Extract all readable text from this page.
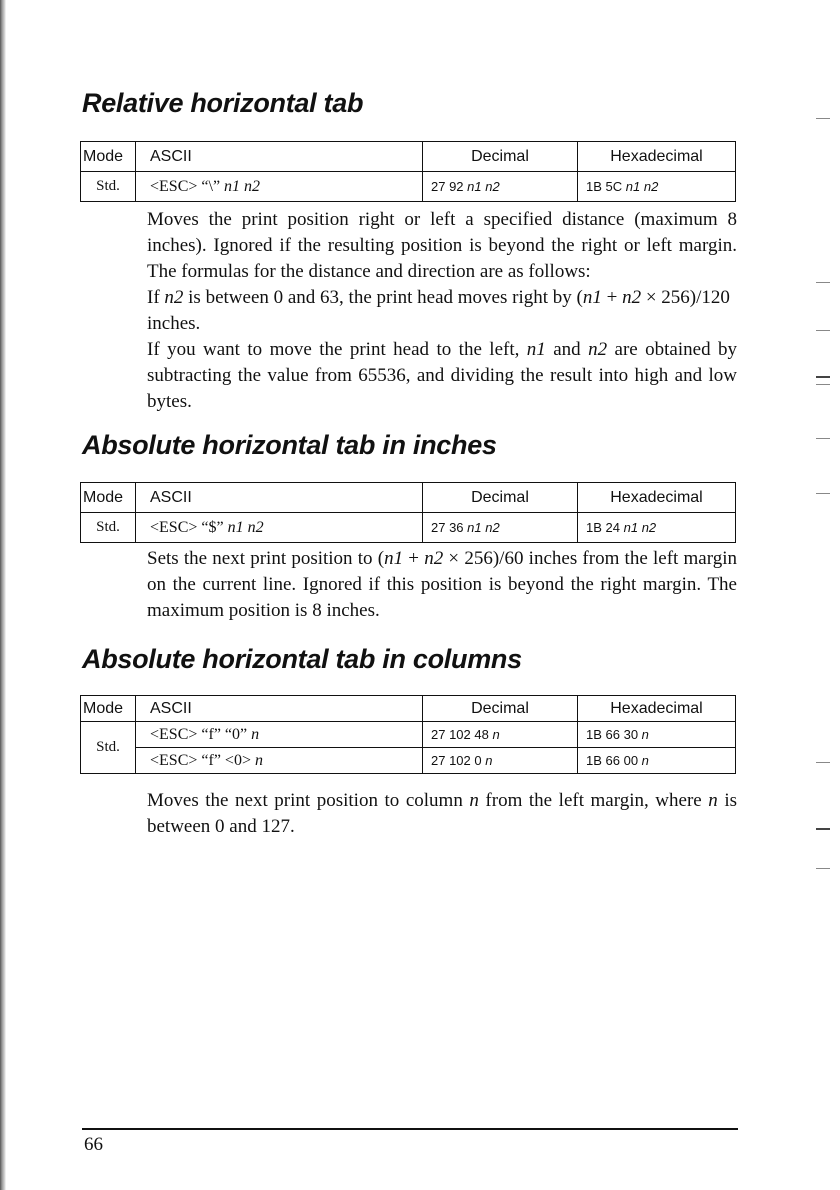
Relative horizontal tab
Mode	ASCII	Decimal	Hexadecimal
Std.	<ESC> “\” n1 n2	27 92 n1 n2	1B 5C n1 n2

Moves the print position right or left a specified distance (maximum 8 inches). Ignored if the resulting position is beyond the right or left margin. The formulas for the distance and direction are as follows:

If n2 is between 0 and 63, the print head moves right by (n1 + n2 × 256)/120 inches.

If you want to move the print head to the left, n1 and n2 are obtained by subtracting the value from 65536, and dividing the result into high and low bytes.

Absolute horizontal tab in inches
Mode	ASCII	Decimal	Hexadecimal
Std.	<ESC> “$” n1 n2	27 36 n1 n2	1B 24 n1 n2

Sets the next print position to (n1 + n2 × 256)/60 inches from the left margin on the current line. Ignored if this position is beyond the right margin. The maximum position is 8 inches.

Absolute horizontal tab in columns
Mode	ASCII	Decimal	Hexadecimal
Std.	<ESC> “f” “0” n	27 102 48 n	1B 66 30 n
	<ESC> “f” <0> n	27 102 0 n	1B 66 00 n

Moves the next print position to column n from the left margin, where n is between 0 and 127.

66
